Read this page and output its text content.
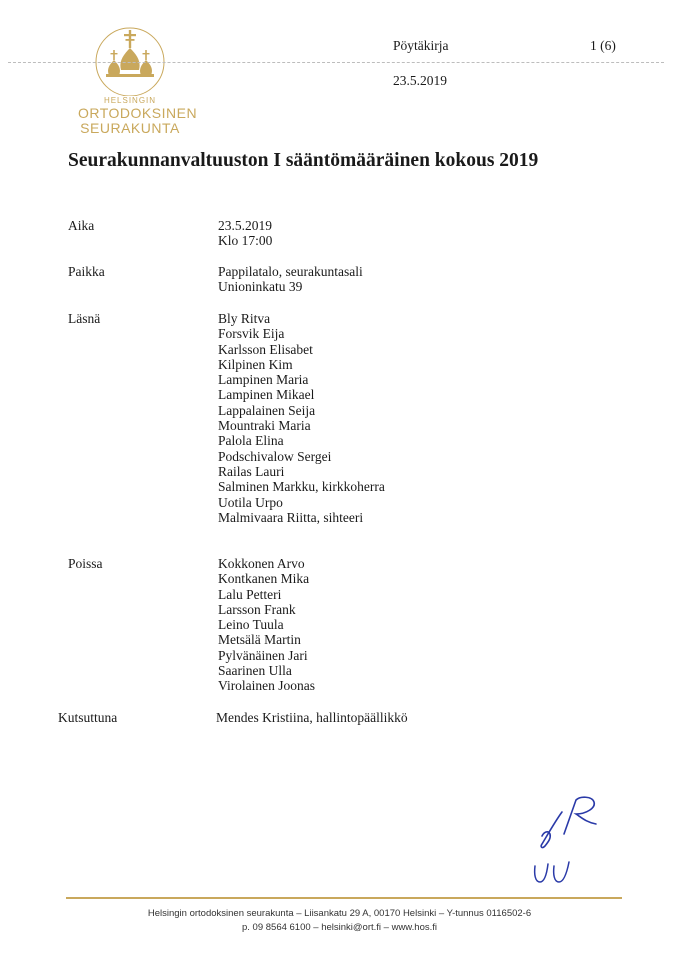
HELSINGIN
ORTODOKSINEN
SEURAKUNTA
Pöytäkirja	1 (6)
23.5.2019
Seurakunnanvaltuuston I sääntömääräinen kokous 2019
Aika	23.5.2019
Klo 17:00
Paikka	Pappilatalo, seurakuntasali
Unioninkatu 39
Läsnä	Bly Ritva
Forsvik Eija
Karlsson Elisabet
Kilpinen Kim
Lampinen Maria
Lampinen Mikael
Lappalainen Seija
Mountraki Maria
Palola Elina
Podschivalow Sergei
Railas Lauri
Salminen Markku, kirkkoherra
Uotila Urpo
Malmivaara Riitta, sihteeri
Poissa	Kokkonen Arvo
Kontkanen Mika
Lalu Petteri
Larsson Frank
Leino Tuula
Metsälä Martin
Pylvänäinen Jari
Saarinen Ulla
Virolainen Joonas
Kutsuttuna	Mendes Kristiina, hallintopäällikkö
Helsingin ortodoksinen seurakunta – Liisankatu 29 A, 00170 Helsinki – Y-tunnus 0116502-6
p. 09 8564 6100 – helsinki@ort.fi – www.hos.fi
